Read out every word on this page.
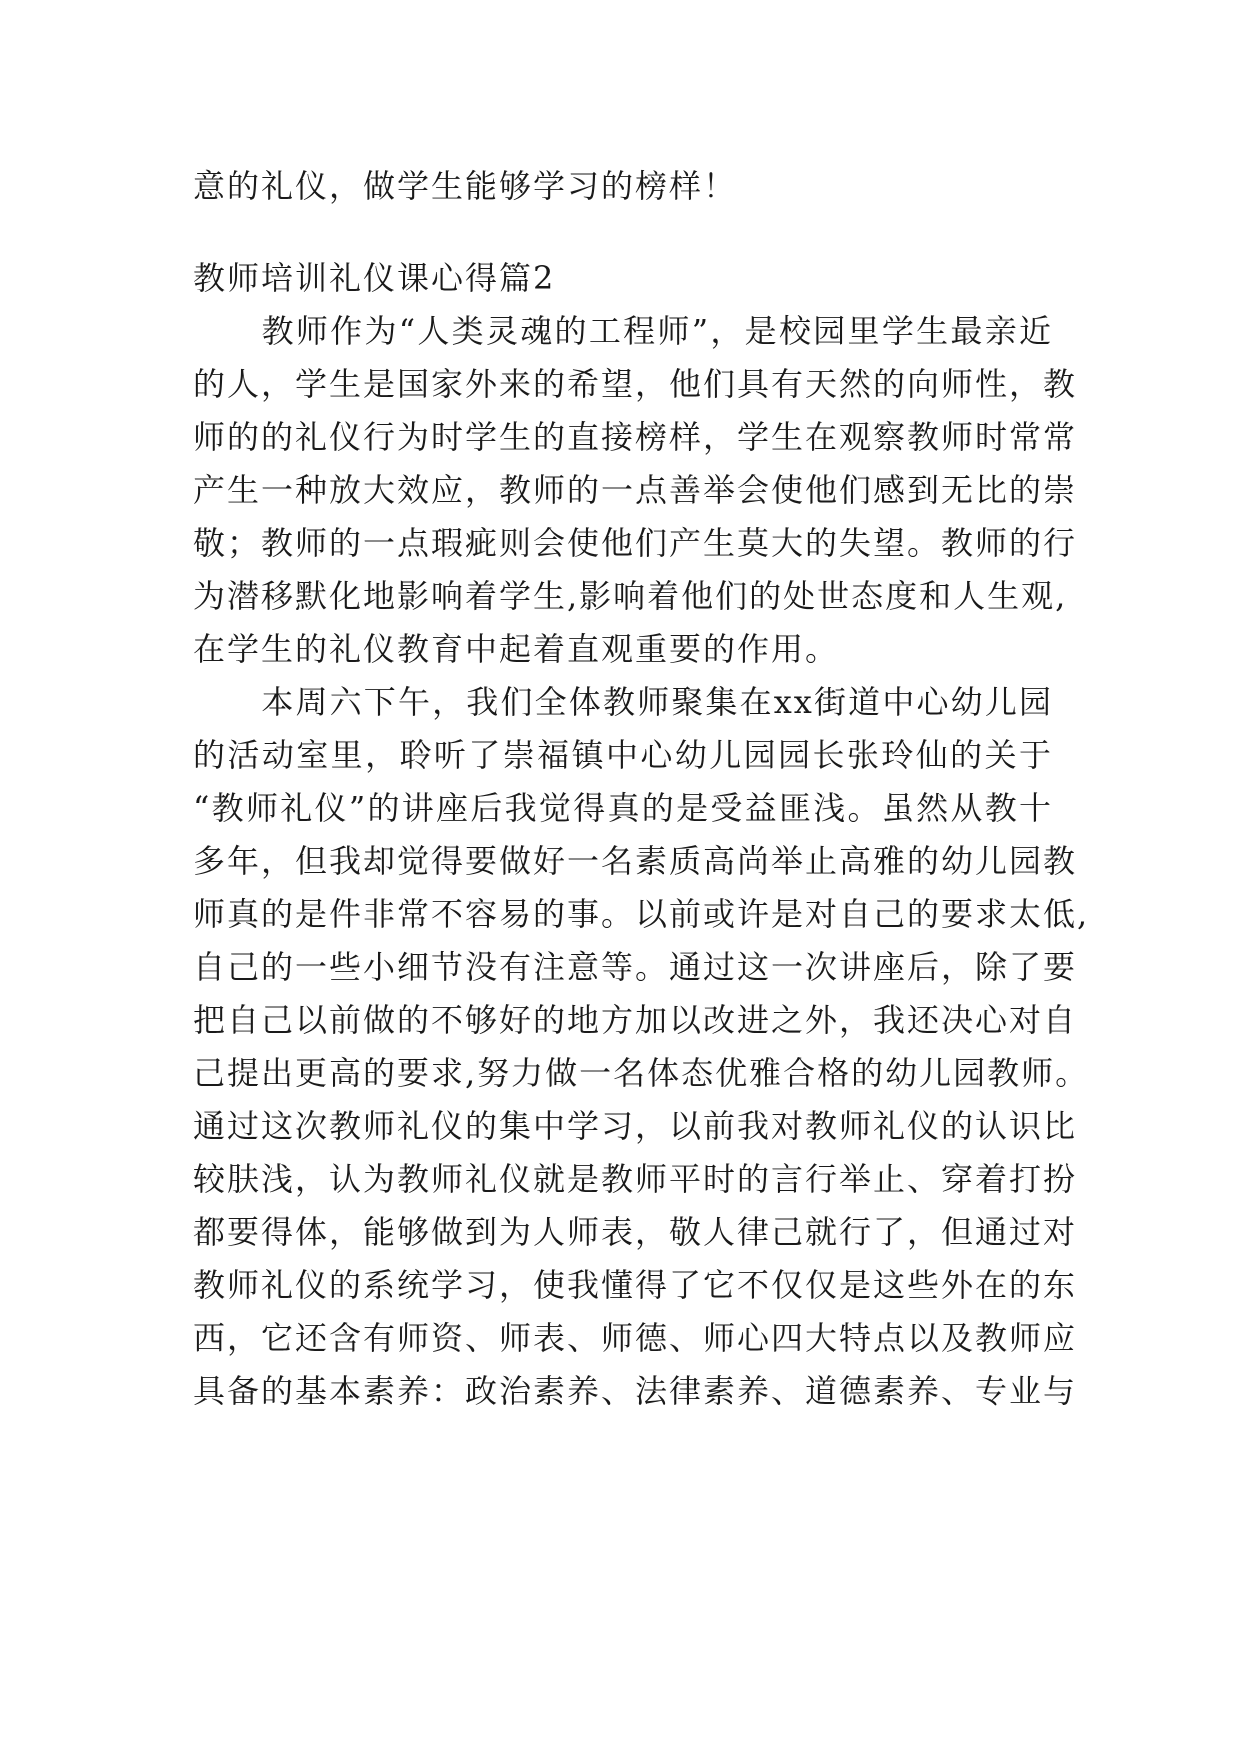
意的礼仪，做学生能够学习的榜样！
教师培训礼仪课心得篇2
　　教师作为“人类灵魂的工程师”，是校园里学生最亲近
的人，学生是国家外来的希望，他们具有天然的向师性，教
师的的礼仪行为时学生的直接榜样，学生在观察教师时常常
产生一种放大效应，教师的一点善举会使他们感到无比的崇
敬；教师的一点瑕疵则会使他们产生莫大的失望。教师的行
为潜移默化地影响着学生,影响着他们的处世态度和人生观,
在学生的礼仪教育中起着直观重要的作用。
　　本周六下午，我们全体教师聚集在xx街道中心幼儿园
的活动室里，聆听了崇福镇中心幼儿园园长张玲仙的关于
“教师礼仪”的讲座后我觉得真的是受益匪浅。虽然从教十
多年，但我却觉得要做好一名素质高尚举止高雅的幼儿园教
师真的是件非常不容易的事。以前或许是对自己的要求太低,
自己的一些小细节没有注意等。通过这一次讲座后，除了要
把自己以前做的不够好的地方加以改进之外，我还决心对自
己提出更高的要求,努力做一名体态优雅合格的幼儿园教师。
通过这次教师礼仪的集中学习，以前我对教师礼仪的认识比
较肤浅，认为教师礼仪就是教师平时的言行举止、穿着打扮
都要得体，能够做到为人师表，敬人律己就行了，但通过对
教师礼仪的系统学习，使我懂得了它不仅仅是这些外在的东
西，它还含有师资、师表、师德、师心四大特点以及教师应
具备的基本素养：政治素养、法律素养、道德素养、专业与
